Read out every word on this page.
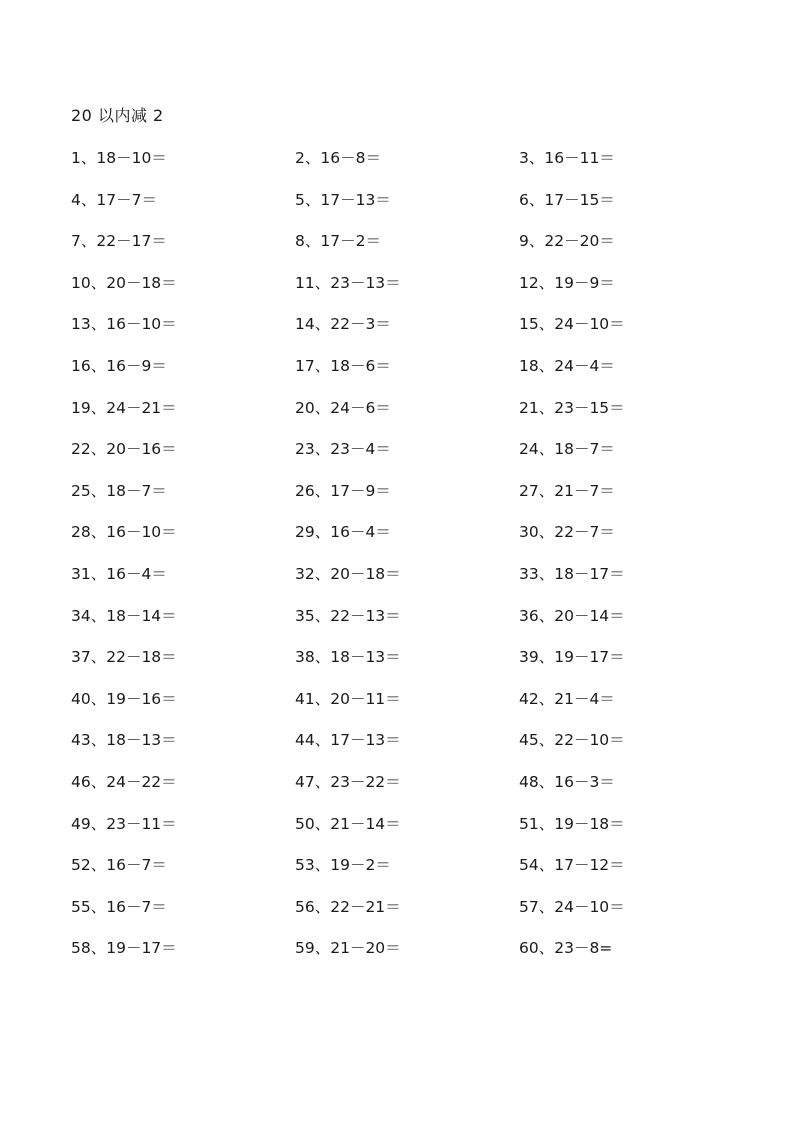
20 以内减 2
1、18－10＝	2、16－8＝	3、16－11＝
4、17－7＝	5、17－13＝	6、17－15＝
7、22－17＝	8、17－2＝	9、22－20＝
10、20－18＝	11、23－13＝	12、19－9＝
13、16－10＝	14、22－3＝	15、24－10＝
16、16－9＝	17、18－6＝	18、24－4＝
19、24－21＝	20、24－6＝	21、23－15＝
22、20－16＝	23、23－4＝	24、18－7＝
25、18－7＝	26、17－9＝	27、21－7＝
28、16－10＝	29、16－4＝	30、22－7＝
31、16－4＝	32、20－18＝	33、18－17＝
34、18－14＝	35、22－13＝	36、20－14＝
37、22－18＝	38、18－13＝	39、19－17＝
40、19－16＝	41、20－11＝	42、21－4＝
43、18－13＝	44、17－13＝	45、22－10＝
46、24－22＝	47、23－22＝	48、16－3＝
49、23－11＝	50、21－14＝	51、19－18＝
52、16－7＝	53、19－2＝	54、17－12＝
55、16－7＝	56、22－21＝	57、24－10＝
58、19－17＝	59、21－20＝	60、23－8=
